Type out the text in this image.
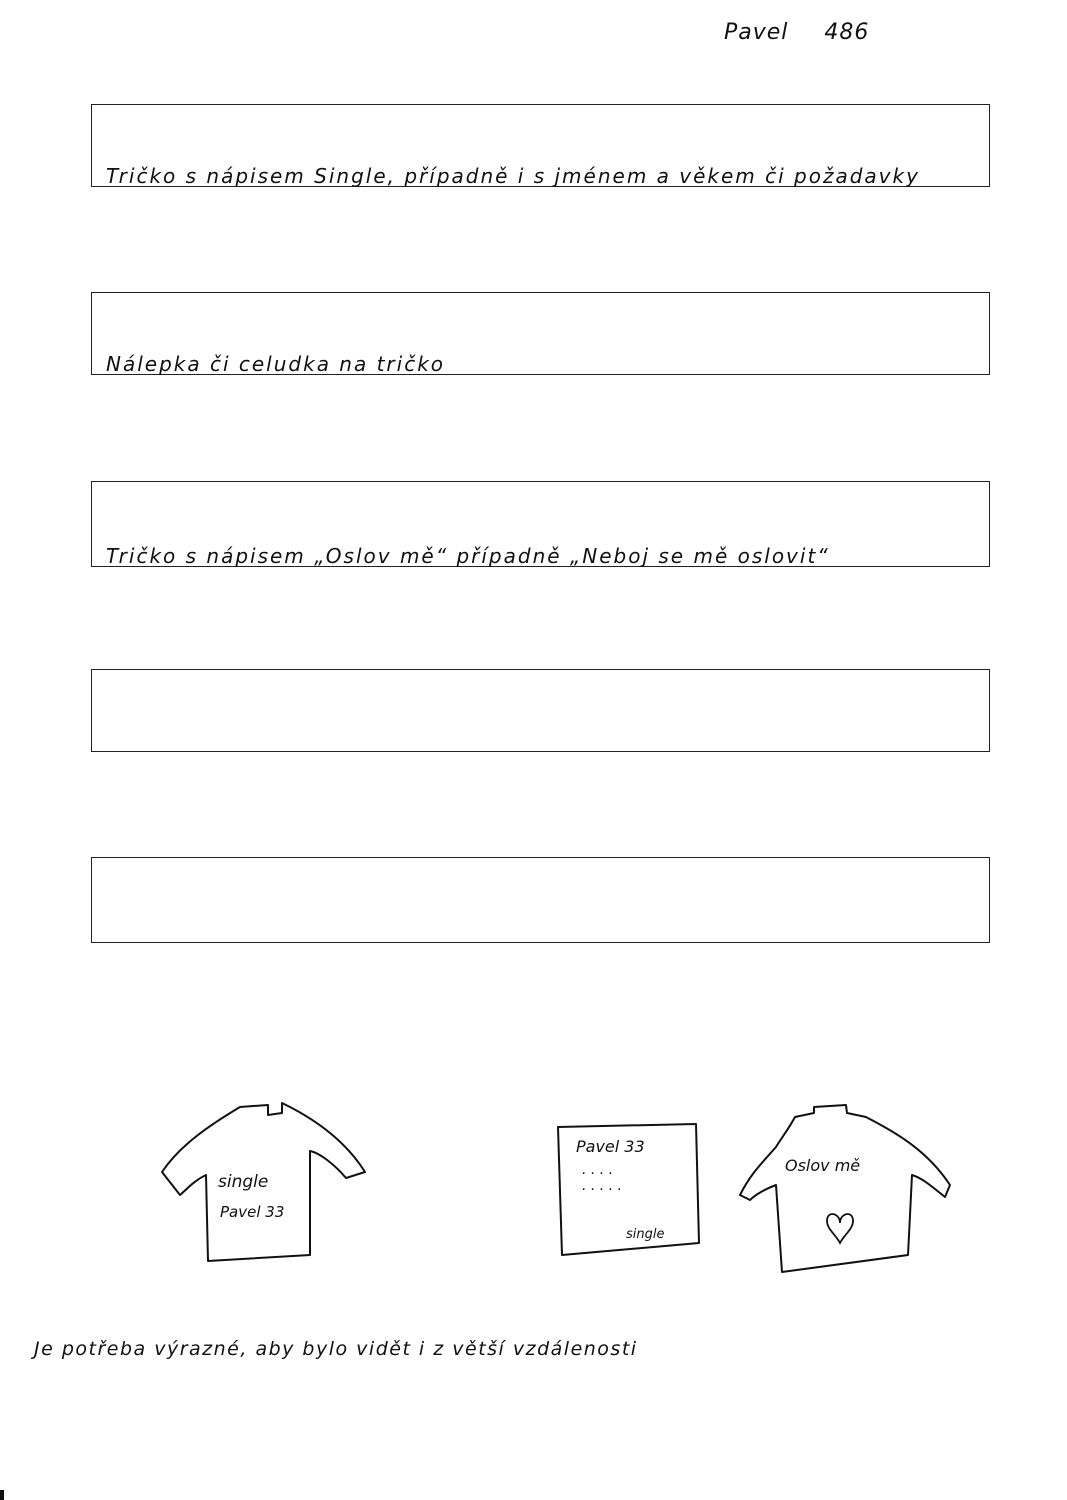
Pavel 486
Tričko s nápisem Single, případně i s jménem a věkem či požadavky
Nálepka či celudka na tričko
Tričko s nápisem „Oslov mě“ případně „Neboj se mě oslovit“
single
Pavel 33
Pavel 33
. . . .
. . . . .
single
Oslov mě
Je potřeba výrazné, aby bylo vidět i z větší vzdálenosti
